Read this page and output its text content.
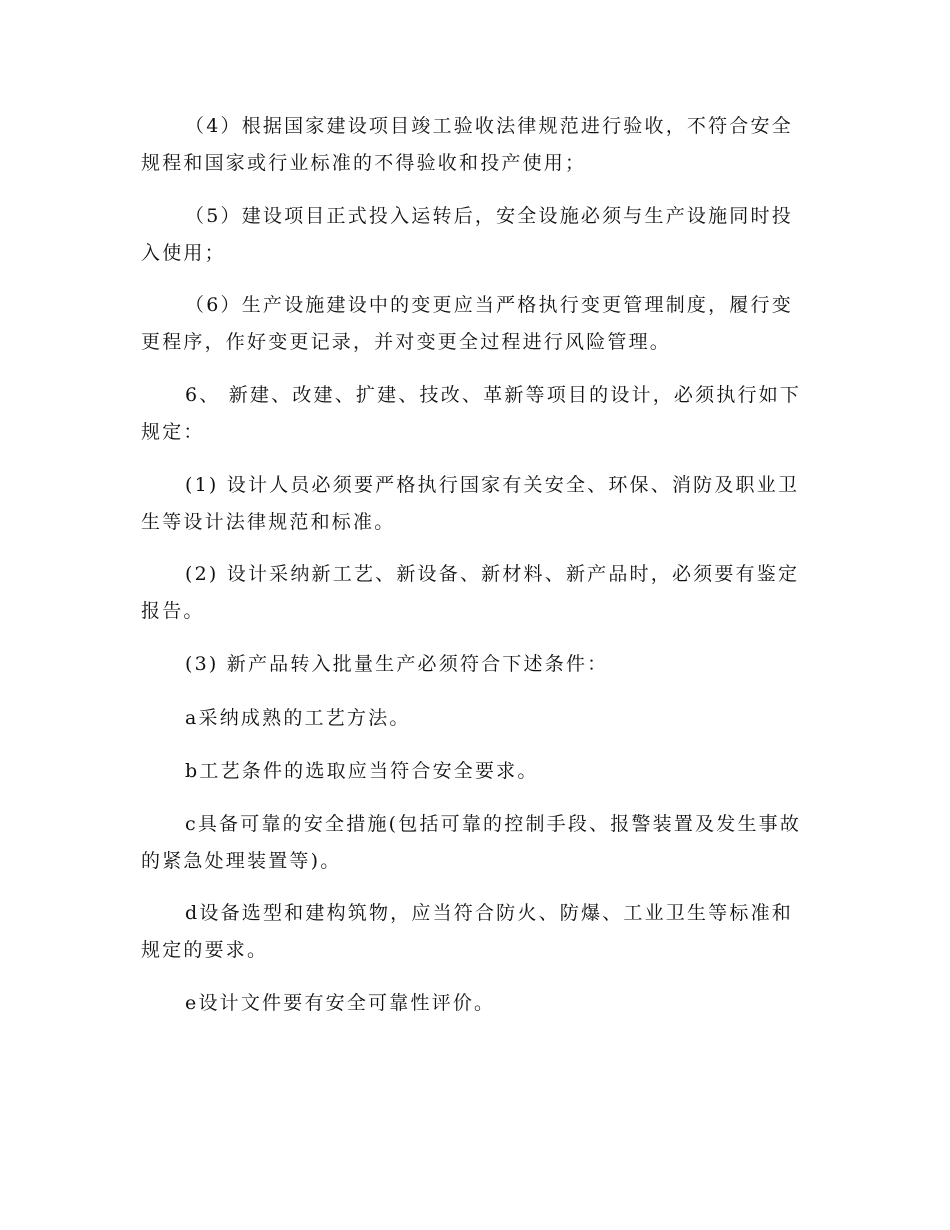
（4）根据国家建设项目竣工验收法律规范进行验收，不符合安全规程和国家或行业标准的不得验收和投产使用；

（5）建设项目正式投入运转后，安全设施必须与生产设施同时投入使用；

（6）生产设施建设中的变更应当严格执行变更管理制度，履行变更程序，作好变更记录，并对变更全过程进行风险管理。

6、 新建、改建、扩建、技改、革新等项目的设计，必须执行如下规定：

(1) 设计人员必须要严格执行国家有关安全、环保、消防及职业卫生等设计法律规范和标准。

(2) 设计采纳新工艺、新设备、新材料、新产品时，必须要有鉴定报告。

(3) 新产品转入批量生产必须符合下述条件：

a采纳成熟的工艺方法。

b工艺条件的选取应当符合安全要求。

c具备可靠的安全措施(包括可靠的控制手段、报警装置及发生事故的紧急处理装置等)。

d设备选型和建构筑物，应当符合防火、防爆、工业卫生等标准和规定的要求。

e设计文件要有安全可靠性评价。
